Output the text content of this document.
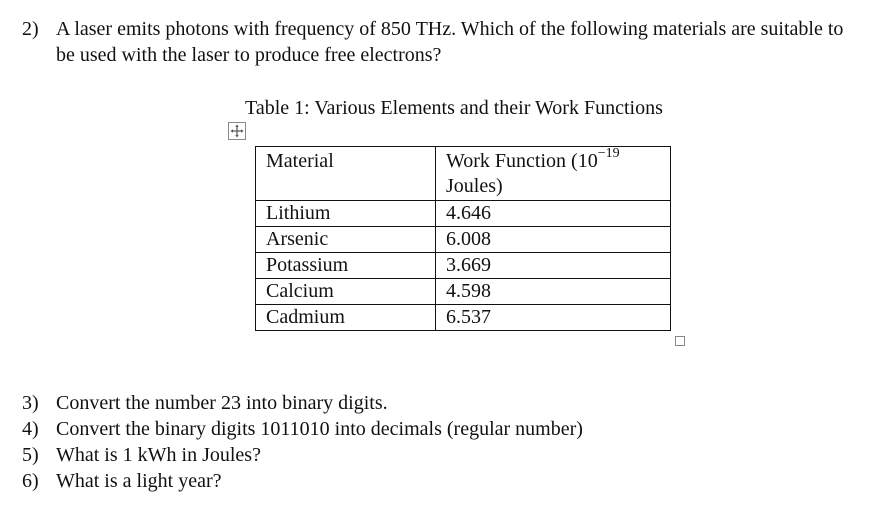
2) A laser emits photons with frequency of 850 THz. Which of the following materials are suitable to be used with the laser to produce free electrons?
Table 1: Various Elements and their Work Functions
Material	Work Function ($10^{-19}$
Joules)
Lithium	4.646
Arsenic	6.008
Potassium	3.669
Calcium	4.598
Cadmium	6.537
3) Convert the number 23 into binary digits.
4) Convert the binary digits 1011010 into decimals (regular number)
5) What is 1 kWh in Joules?
6) What is a light year?
